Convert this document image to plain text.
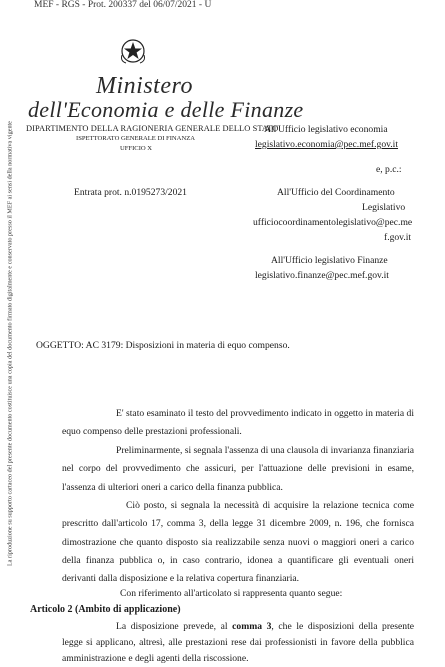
MEF - RGS - Prot. 200337 del 06/07/2021 - U
La riproduzione su supporto cartaceo del presente documento costituisce una copia del documento firmato digitalmente e conservato presso il MEF ai sensi della normativa vigente
Ministero
dell'Economia e delle Finanze
DIPARTIMENTO DELLA RAGIONERIA GENERALE DELLO STATO
ISPETTORATO GENERALE DI FINANZA
UFFICIO X
All'Ufficio legislativo economia
legislativo.economia@pec.mef.gov.it
e, p.c.:
Entrata prot. n.0195273/2021	All'Ufficio del Coordinamento
Legislativo
ufficiocoordinamentolegislativo@pec.me
f.gov.it
All'Ufficio legislativo Finanze
legislativo.finanze@pec.mef.gov.it
OGGETTO: AC 3179: Disposizioni in materia di equo compenso.
E' stato esaminato il testo del provvedimento indicato in oggetto in materia di equo compenso delle prestazioni professionali.
Preliminarmente, si segnala l'assenza di una clausola di invarianza finanziaria nel corpo del provvedimento che assicuri, per l'attuazione delle previsioni in esame, l'assenza di ulteriori oneri a carico della finanza pubblica.
Ciò posto, si segnala la necessità di acquisire la relazione tecnica come prescritto dall'articolo 17, comma 3, della legge 31 dicembre 2009, n. 196, che fornisca dimostrazione che quanto disposto sia realizzabile senza nuovi o maggiori oneri a carico della finanza pubblica o, in caso contrario, idonea a quantificare gli eventuali oneri derivanti dalla disposizione e la relativa copertura finanziaria.
Con riferimento all'articolato si rappresenta quanto segue:
Articolo 2 (Ambito di applicazione)
La disposizione prevede, al comma 3, che le disposizioni della presente legge si applicano, altresì, alle prestazioni rese dai professionisti in favore della pubblica amministrazione e degli agenti della riscossione.
